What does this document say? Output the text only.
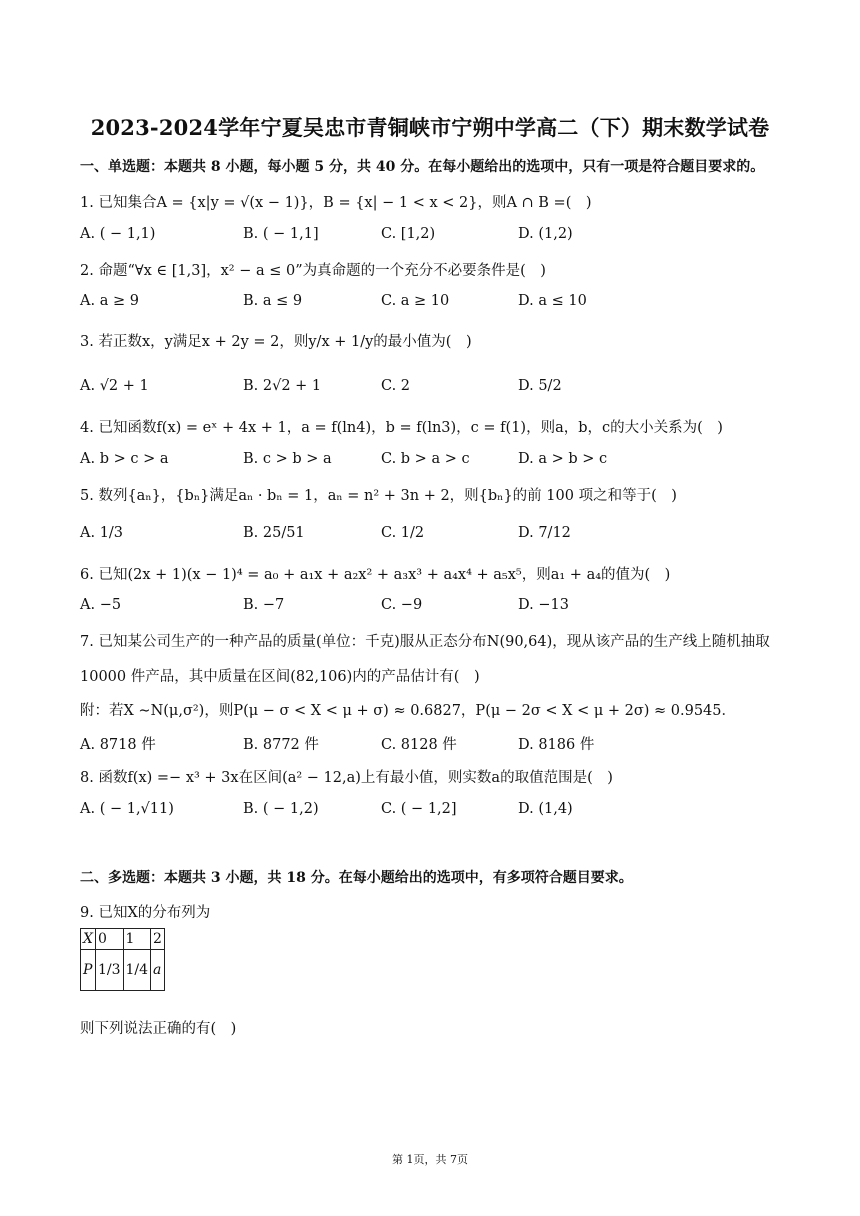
2023-2024学年宁夏吴忠市青铜峡市宁朔中学高二（下）期末数学试卷
一、单选题：本题共 8 小题，每小题 5 分，共 40 分。在每小题给出的选项中，只有一项是符合题目要求的。
1. 已知集合A = {x|y = √(x − 1)}，B = {x| − 1 < x < 2}，则A ∩ B =(　)
A. ( − 1,1)	B. ( − 1,1]	C. [1,2)	D. (1,2)
2. 命题“∀x ∈ [1,3]，x² − a ≤ 0”为真命题的一个充分不必要条件是(　)
A. a ≥ 9	B. a ≤ 9	C. a ≥ 10	D. a ≤ 10
3. 若正数x，y满足x + 2y = 2，则y/x + 1/y的最小值为(　)
A. √2 + 1	B. 2√2 + 1	C. 2	D. 5/2
4. 已知函数f(x) = eˣ + 4x + 1，a = f(ln4)，b = f(ln3)，c = f(1)，则a，b，c的大小关系为(　)
A. b > c > a	B. c > b > a	C. b > a > c	D. a > b > c
5. 数列{aₙ}，{bₙ}满足aₙ · bₙ = 1，aₙ = n² + 3n + 2，则{bₙ}的前 100 项之和等于(　)
A. 1/3	B. 25/51	C. 1/2	D. 7/12
6. 已知(2x + 1)(x − 1)⁴ = a₀ + a₁x + a₂x² + a₃x³ + a₄x⁴ + a₅x⁵，则a₁ + a₄的值为(　)
A. −5	B. −7	C. −9	D. −13
7. 已知某公司生产的一种产品的质量(单位：千克)服从正态分布N(90,64)，现从该产品的生产线上随机抽取
10000 件产品，其中质量在区间(82,106)内的产品估计有(　)
附：若X ∼N(μ,σ²)，则P(μ − σ < X < μ + σ) ≈ 0.6827，P(μ − 2σ < X < μ + 2σ) ≈ 0.9545．
A. 8718 件	B. 8772 件	C. 8128 件	D. 8186 件
8. 函数f(x) =− x³ + 3x在区间(a² − 12,a)上有最小值，则实数a的取值范围是(　)
A. ( − 1,√11)	B. ( − 1,2)	C. ( − 1,2]	D. (1,4)
二、多选题：本题共 3 小题，共 18 分。在每小题给出的选项中，有多项符合题目要求。
9. 已知X的分布列为
X	0	1	2
P	1/3	1/4	a
则下列说法正确的有(　)
第 1页，共 7页
